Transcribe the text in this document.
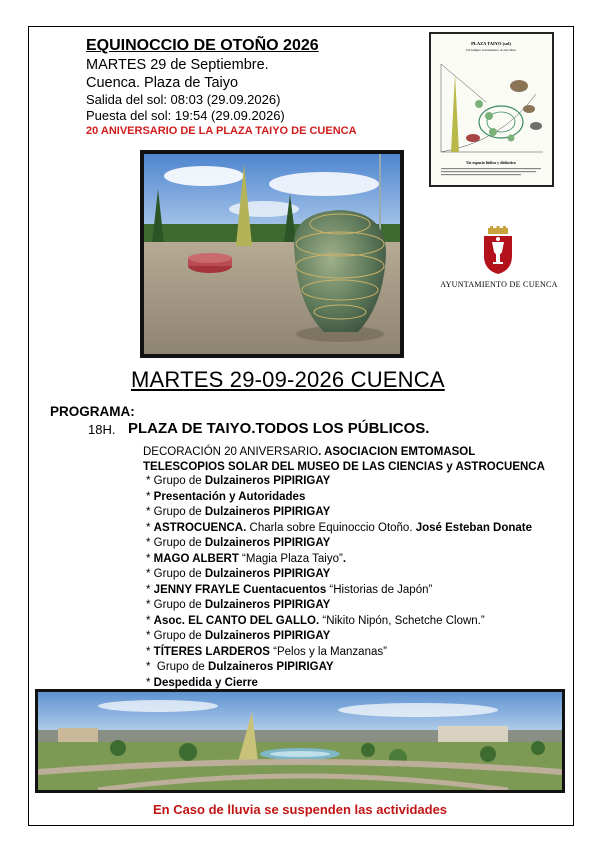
EQUINOCCIO DE OTOÑO 2026
MARTES 29 de Septiembre.
Cuenca. Plaza de Taiyo
Salida del sol: 08:03 (29.09.2026)
Puesta del sol: 19:54 (29.09.2026)
20 ANIVERSARIO DE LA PLAZA TAIYO DE CUENCA
PLAZA TAIYO (sol)
Un templo astronómico al aire libre
Un espacio lúdico y didáctico
AYUNTAMIENTO DE CUENCA
MARTES 29-09-2026 CUENCA
PROGRAMA:
18H. PLAZA DE TAIYO.TODOS LOS PÚBLICOS.
DECORACIÓN 20 ANIVERSARIO. ASOCIACION EMTOMASOL
TELESCOPIOS SOLAR DEL MUSEO DE LAS CIENCIAS y ASTROCUENCA
* Grupo de Dulzaineros PIPIRIGAY
* Presentación y Autoridades
* Grupo de Dulzaineros PIPIRIGAY
* ASTROCUENCA. Charla sobre Equinoccio Otoño. José Esteban Donate
* Grupo de Dulzaineros PIPIRIGAY
* MAGO ALBERT “Magia Plaza Taiyo”.
* Grupo de Dulzaineros PIPIRIGAY
* JENNY FRAYLE Cuentacuentos “Historias de Japón”
* Grupo de Dulzaineros PIPIRIGAY
* Asoc. EL CANTO DEL GALLO. “Nikito Nipón, Schetche Clown.”
* Grupo de Dulzaineros PIPIRIGAY
* TÍTERES LARDEROS “Pelos y la Manzanas”
*  Grupo de Dulzaineros PIPIRIGAY
* Despedida y Cierre
En Caso de lluvia se suspenden las actividades
